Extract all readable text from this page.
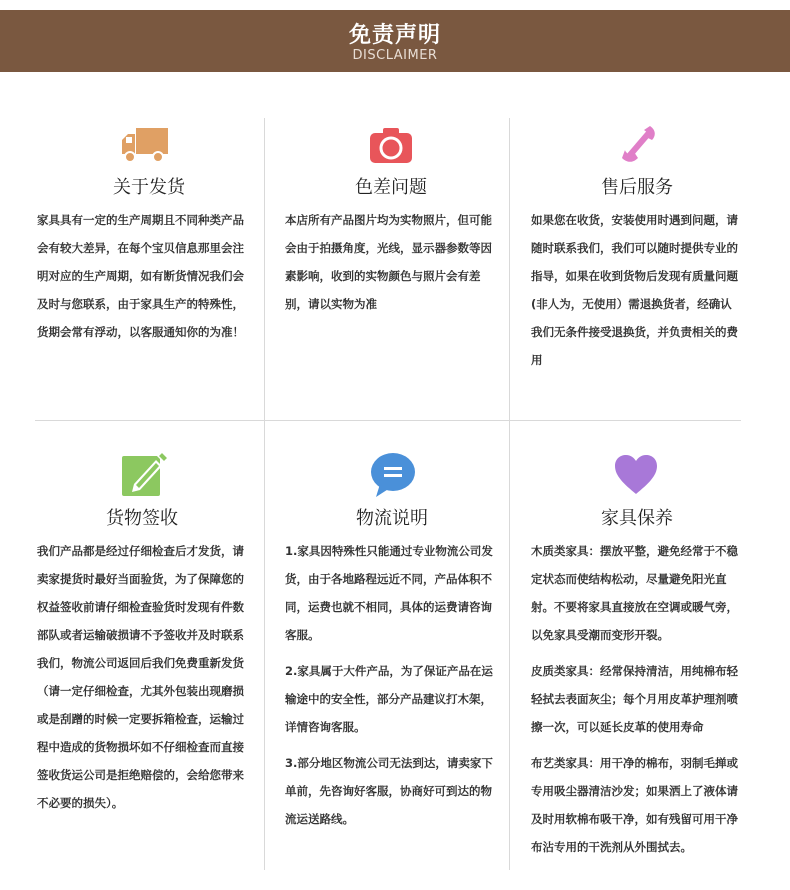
免责声明
DISCLAIMER
关于发货
家具具有一定的生产周期且不同种类产品会有较大差异，在每个宝贝信息那里会注明对应的生产周期，如有断货情况我们会及时与您联系，由于家具生产的特殊性，货期会常有浮动，以客服通知你的为准！
色差问题
本店所有产品图片均为实物照片，但可能会由于拍摄角度，光线，显示器参数等因素影响，收到的实物颜色与照片会有差别，请以实物为准
售后服务
如果您在收货，安装使用时遇到问题，请随时联系我们，我们可以随时提供专业的指导，如果在收到货物后发现有质量问题(非人为，无使用）需退换货者，经确认我们无条件接受退换货，并负责相关的费用
货物签收
我们产品都是经过仔细检查后才发货，请卖家提货时最好当面验货，为了保障您的权益签收前请仔细检查验货时发现有件数部队或者运输破损请不予签收并及时联系我们，物流公司返回后我们免费重新发货（请一定仔细检查，尤其外包装出现磨损或是刮蹭的时候一定要拆箱检查，运输过程中造成的货物损坏如不仔细检查而直接签收货运公司是拒绝赔偿的，会给您带来不必要的损失）。
物流说明

1.家具因特殊性只能通过专业物流公司发货，由于各地路程远近不同，产品体积不同，运费也就不相同，具体的运费请咨询客服。

2.家具属于大件产品，为了保证产品在运输途中的安全性，部分产品建议打木架，详情咨询客服。

3.部分地区物流公司无法到达，请卖家下单前，先咨询好客服，协商好可到达的物流运送路线。

家具保养

木质类家具：摆放平整，避免经常于不稳定状态而使结构松动，尽量避免阳光直射。不要将家具直接放在空调或暖气旁，以免家具受潮而变形开裂。

皮质类家具：经常保持清洁，用纯棉布轻轻拭去表面灰尘；每个月用皮革护理剂喷擦一次，可以延长皮革的使用寿命

布艺类家具：用干净的棉布，羽制毛掸或专用吸尘器清洁沙发；如果洒上了液体请及时用软棉布吸干净，如有残留可用干净布沾专用的干洗剂从外围拭去。
